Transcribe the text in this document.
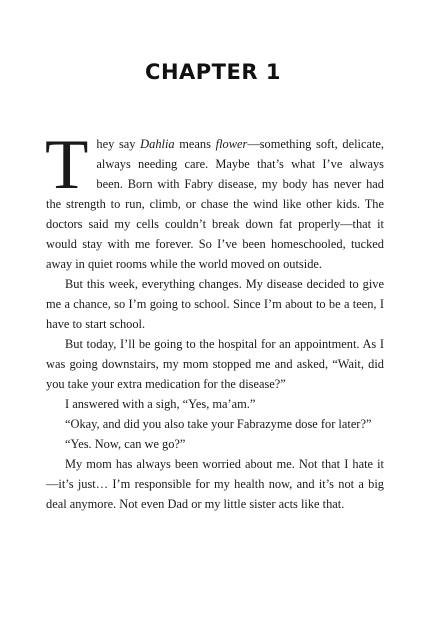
CHAPTER 1

They say Dahlia means flower—something soft, delicate, always needing care. Maybe that’s what I’ve always been. Born with Fabry disease, my body has never had the strength to run, climb, or chase the wind like other kids. The doctors said my cells couldn’t break down fat properly—that it would stay with me forever. So I’ve been homeschooled, tucked away in quiet rooms while the world moved on outside.

But this week, everything changes. My disease decided to give me a chance, so I’m going to school. Since I’m about to be a teen, I have to start school.

But today, I’ll be going to the hospital for an appointment. As I was going downstairs, my mom stopped me and asked, “Wait, did you take your extra medication for the disease?”

I answered with a sigh, “Yes, ma’am.”

“Okay, and did you also take your Fabrazyme dose for later?”

“Yes. Now, can we go?”

My mom has always been worried about me. Not that I hate it—it’s just… I’m responsible for my health now, and it’s not a big deal anymore. Not even Dad or my little sister acts like that.
